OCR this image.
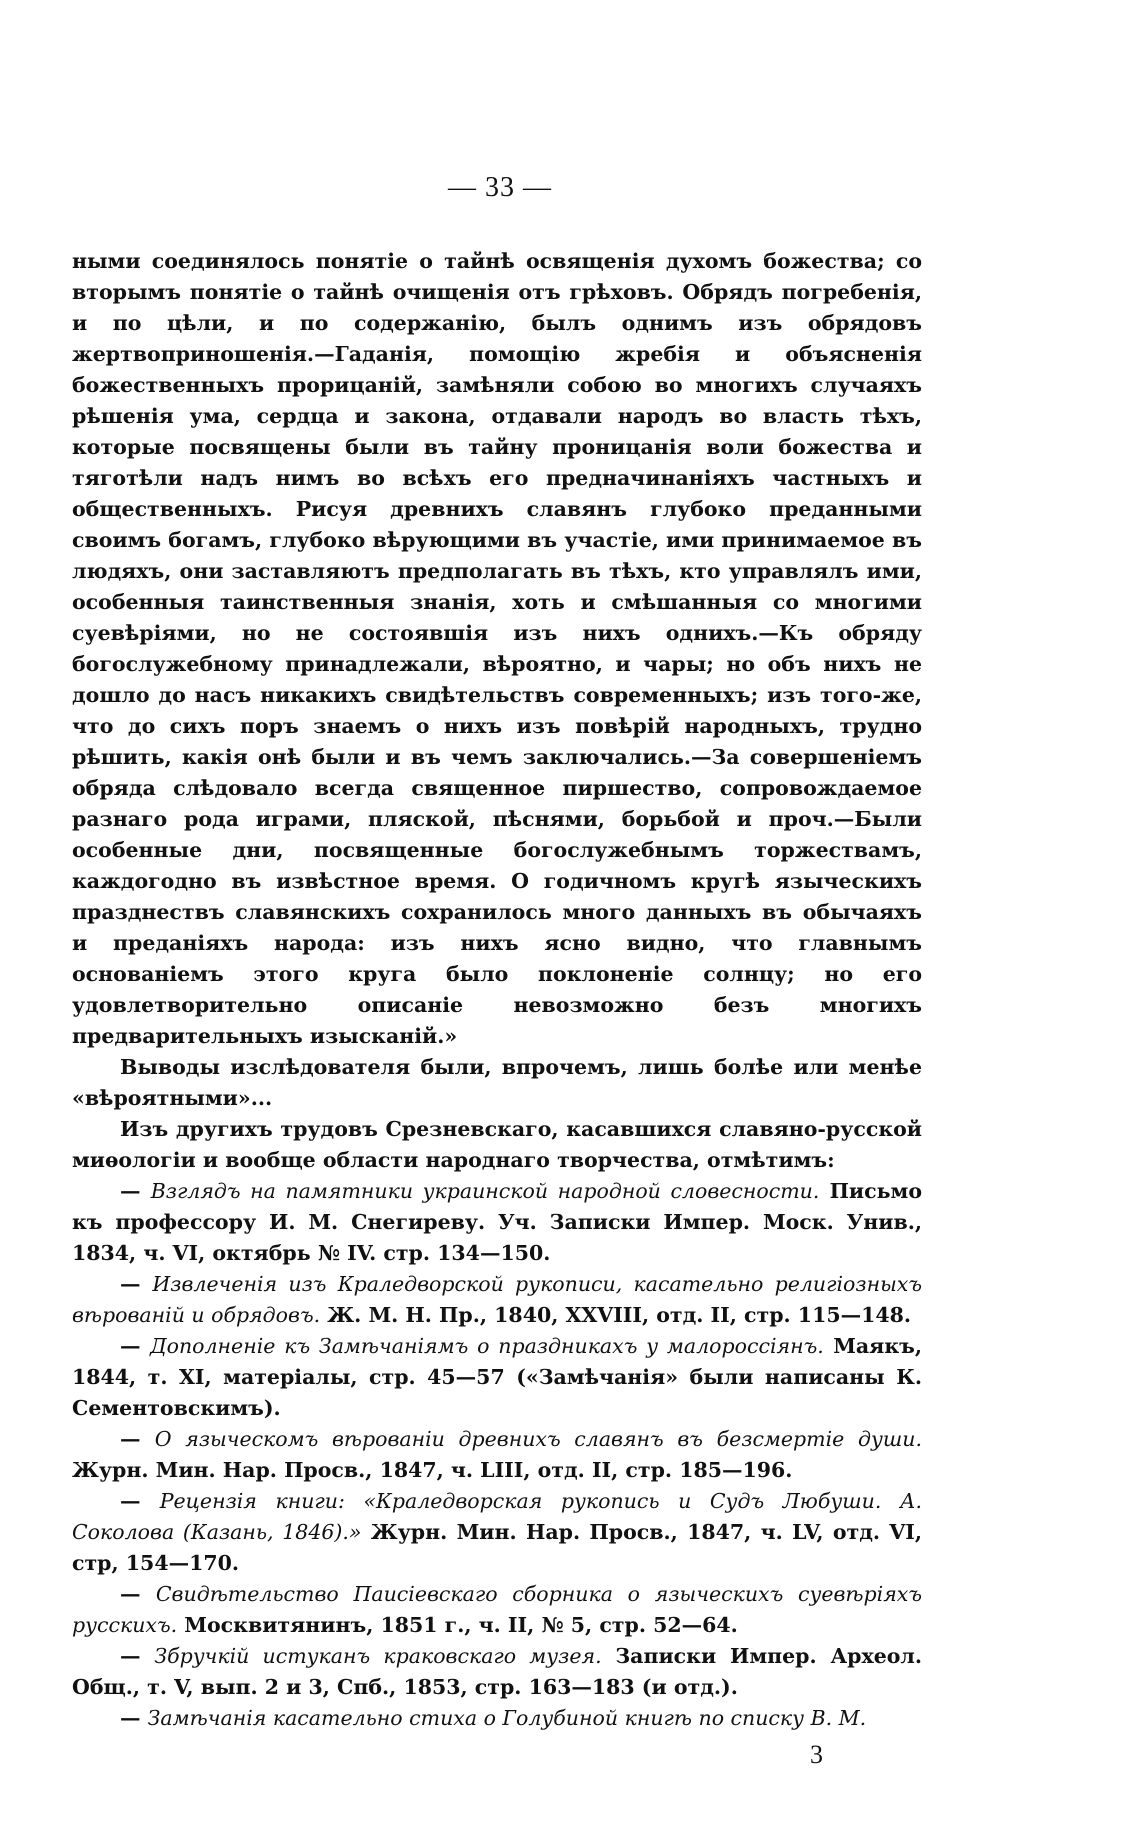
— 33 —

ными соединялось понятіе о тайнѣ освященія духомъ божества; со вторымъ понятіе о тайнѣ очищенія отъ грѣховъ. Обрядъ погребенія, и по цѣли, и по содержанію, былъ однимъ изъ обрядовъ жертвоприношенія.—Гаданія, помощію жребія и объясненія божественныхъ прорицаній, замѣняли собою во многихъ случаяхъ рѣшенія ума, сердца и закона, отдавали народъ во власть тѣхъ, которые посвящены были въ тайну проницанія воли божества и тяготѣли надъ нимъ во всѣхъ его предначинаніяхъ частныхъ и общественныхъ. Рисуя древнихъ славянъ глубоко преданными своимъ богамъ, глубоко вѣрующими въ участіе, ими принимаемое въ людяхъ, они заставляютъ предполагать въ тѣхъ, кто управлялъ ими, особенныя таинственныя знанія, хоть и смѣшанныя со многими суевѣріями, но не состоявшія изъ нихъ однихъ.—Къ обряду богослужебному принадлежали, вѣроятно, и чары; но объ нихъ не дошло до насъ никакихъ свидѣтельствъ современныхъ; изъ того-же, что до сихъ поръ знаемъ о нихъ изъ повѣрій народныхъ, трудно рѣшить, какія онѣ были и въ чемъ заключались.—За совершеніемъ обряда слѣдовало всегда священное пиршество, сопровождаемое разнаго рода играми, пляской, пѣснями, борьбой и проч.—Были особенные дни, посвященные богослужебнымъ торжествамъ, каждогодно въ извѣстное время. О годичномъ кругѣ языческихъ празднествъ славянскихъ сохранилось много данныхъ въ обычаяхъ и преданіяхъ народа: изъ нихъ ясно видно, что главнымъ основаніемъ этого круга было поклоненіе солнцу; но его удовлетворительно описаніе невозможно безъ многихъ предварительныхъ изысканій.»

Выводы изслѣдователя были, впрочемъ, лишь болѣе или менѣе «вѣроятными»...

Изъ другихъ трудовъ Срезневскаго, касавшихся славяно-русской миѳологіи и вообще области народнаго творчества, отмѣтимъ:

— Взглядъ на памятники украинской народной словесности. Письмо къ профессору И. М. Снегиреву. Уч. Записки Импер. Моск. Унив., 1834, ч. VI, октябрь № IV. стр. 134—150.

— Извлеченія изъ Краледворской рукописи, касательно религіозныхъ вѣрованій и обрядовъ. Ж. М. Н. Пр., 1840, XXVIII, отд. II, стр. 115—148.

— Дополненіе къ Замѣчаніямъ о праздникахъ у малороссіянъ. Маякъ, 1844, т. XI, матеріалы, стр. 45—57 («Замѣчанія» были написаны К. Сементовскимъ).

— О языческомъ вѣрованіи древнихъ славянъ въ безсмертіе души. Журн. Мин. Нар. Просв., 1847, ч. LIII, отд. II, стр. 185—196.

— Рецензія книги: «Краледворская рукопись и Судъ Любуши. А. Соколова (Казань, 1846).» Журн. Мин. Нар. Просв., 1847, ч. LV, отд. VI, стр, 154—170.

— Свидѣтельство Паисіевскаго сборника о языческихъ суевѣріяхъ русскихъ. Москвитянинъ, 1851 г., ч. II, № 5, стр. 52—64.

— Збручкій истуканъ краковскаго музея. Записки Импер. Археол. Общ., т. V, вып. 2 и 3, Спб., 1853, стр. 163—183 (и отд.).

— Замѣчанія касательно стиха о Голубиной книгѣ по списку В. М.

3
